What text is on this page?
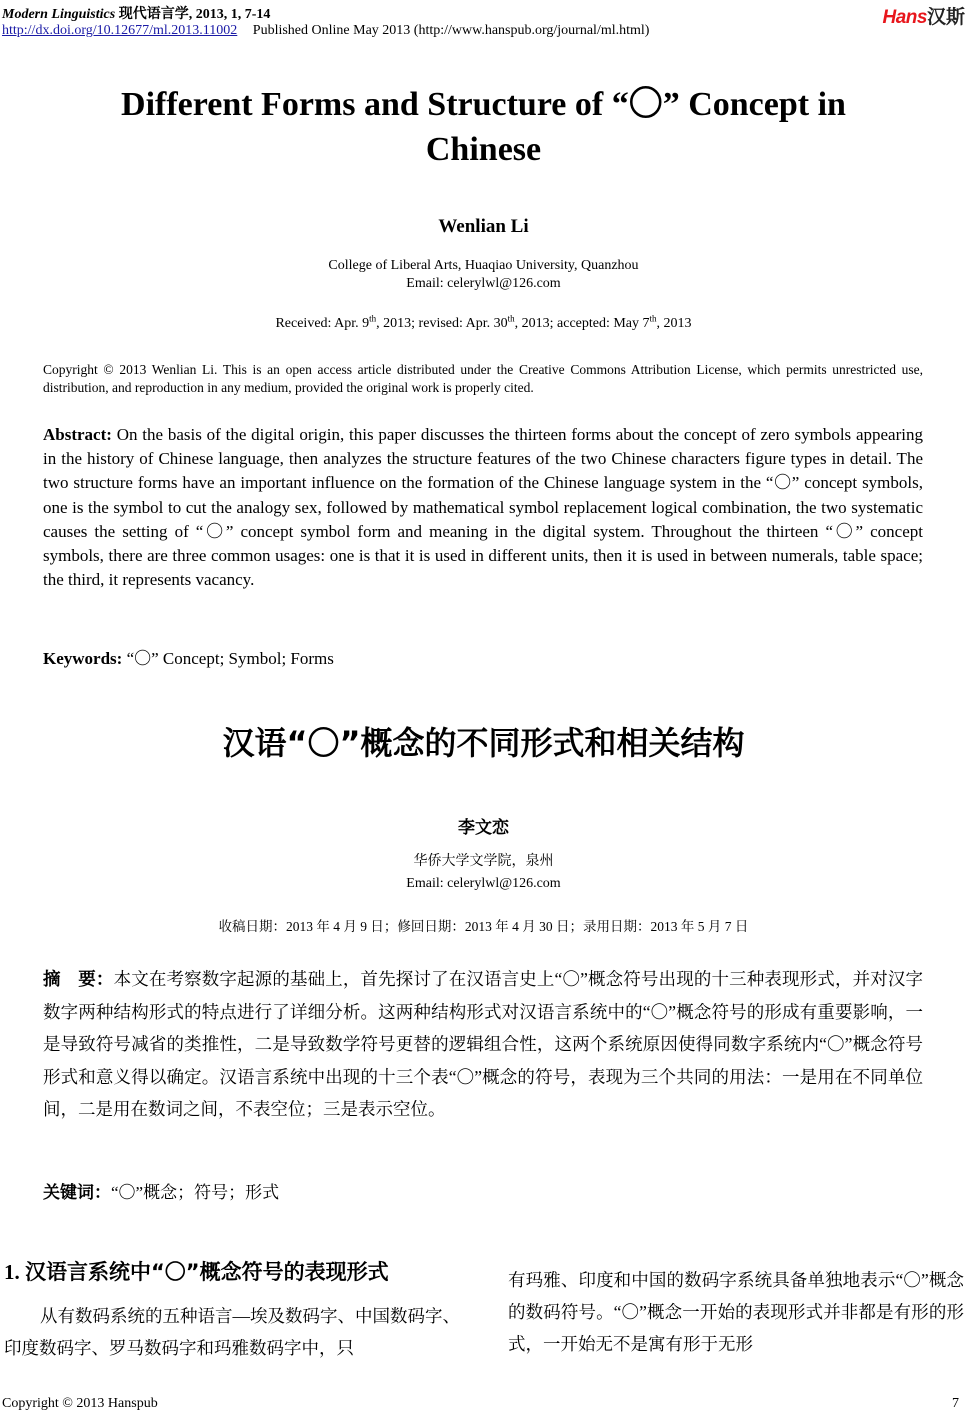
Modern Linguistics 现代语言学, 2013, 1, 7-14
http://dx.doi.org/10.12677/ml.2013.11002 Published Online May 2013 (http://www.hanspub.org/journal/ml.html)
Hans汉斯
Different Forms and Structure of “〇” Concept in
Chinese
Wenlian Li
College of Liberal Arts, Huaqiao University, Quanzhou
Email: celerylwl@126.com
Received: Apr. 9th, 2013; revised: Apr. 30th, 2013; accepted: May 7th, 2013
Copyright © 2013 Wenlian Li. This is an open access article distributed under the Creative Commons Attribution License, which permits unrestricted use, distribution, and reproduction in any medium, provided the original work is properly cited.
Abstract: On the basis of the digital origin, this paper discusses the thirteen forms about the concept of zero symbols appearing in the history of Chinese language, then analyzes the structure features of the two Chinese characters figure types in detail. The two structure forms have an important influence on the formation of the Chinese language system in the “〇” concept symbols, one is the symbol to cut the analogy sex, followed by mathematical symbol replacement logical combination, the two systematic causes the setting of “〇” concept symbol form and meaning in the digital system. Throughout the thirteen “〇” concept symbols, there are three common usages: one is that it is used in different units, then it is used in between numerals, table space; the third, it represents vacancy.
Keywords: “〇” Concept; Symbol; Forms
汉语“〇”概念的不同形式和相关结构
李文恋
华侨大学文学院，泉州
Email: celerylwl@126.com
收稿日期：2013 年 4 月 9 日；修回日期：2013 年 4 月 30 日；录用日期：2013 年 5 月 7 日
摘　要：本文在考察数字起源的基础上，首先探讨了在汉语言史上“〇”概念符号出现的十三种表现形式，并对汉字数字两种结构形式的特点进行了详细分析。这两种结构形式对汉语言系统中的“〇”概念符号的形成有重要影响，一是导致符号减省的类推性，二是导致数学符号更替的逻辑组合性，这两个系统原因使得同数字系统内“〇”概念符号形式和意义得以确定。汉语言系统中出现的十三个表“〇”概念的符号，表现为三个共同的用法：一是用在不同单位间，二是用在数词之间，不表空位；三是表示空位。
关键词：“〇”概念；符号；形式
1. 汉语言系统中“〇”概念符号的表现形式
从有数码系统的五种语言—埃及数码字、中国数码字、印度数码字、罗马数码字和玛雅数码字中，只
有玛雅、印度和中国的数码字系统具备单独地表示“〇”概念的数码符号。“〇”概念一开始的表现形式并非都是有形的形式，一开始无不是寓有形于无形
Copyright © 2013 Hanspub	7
